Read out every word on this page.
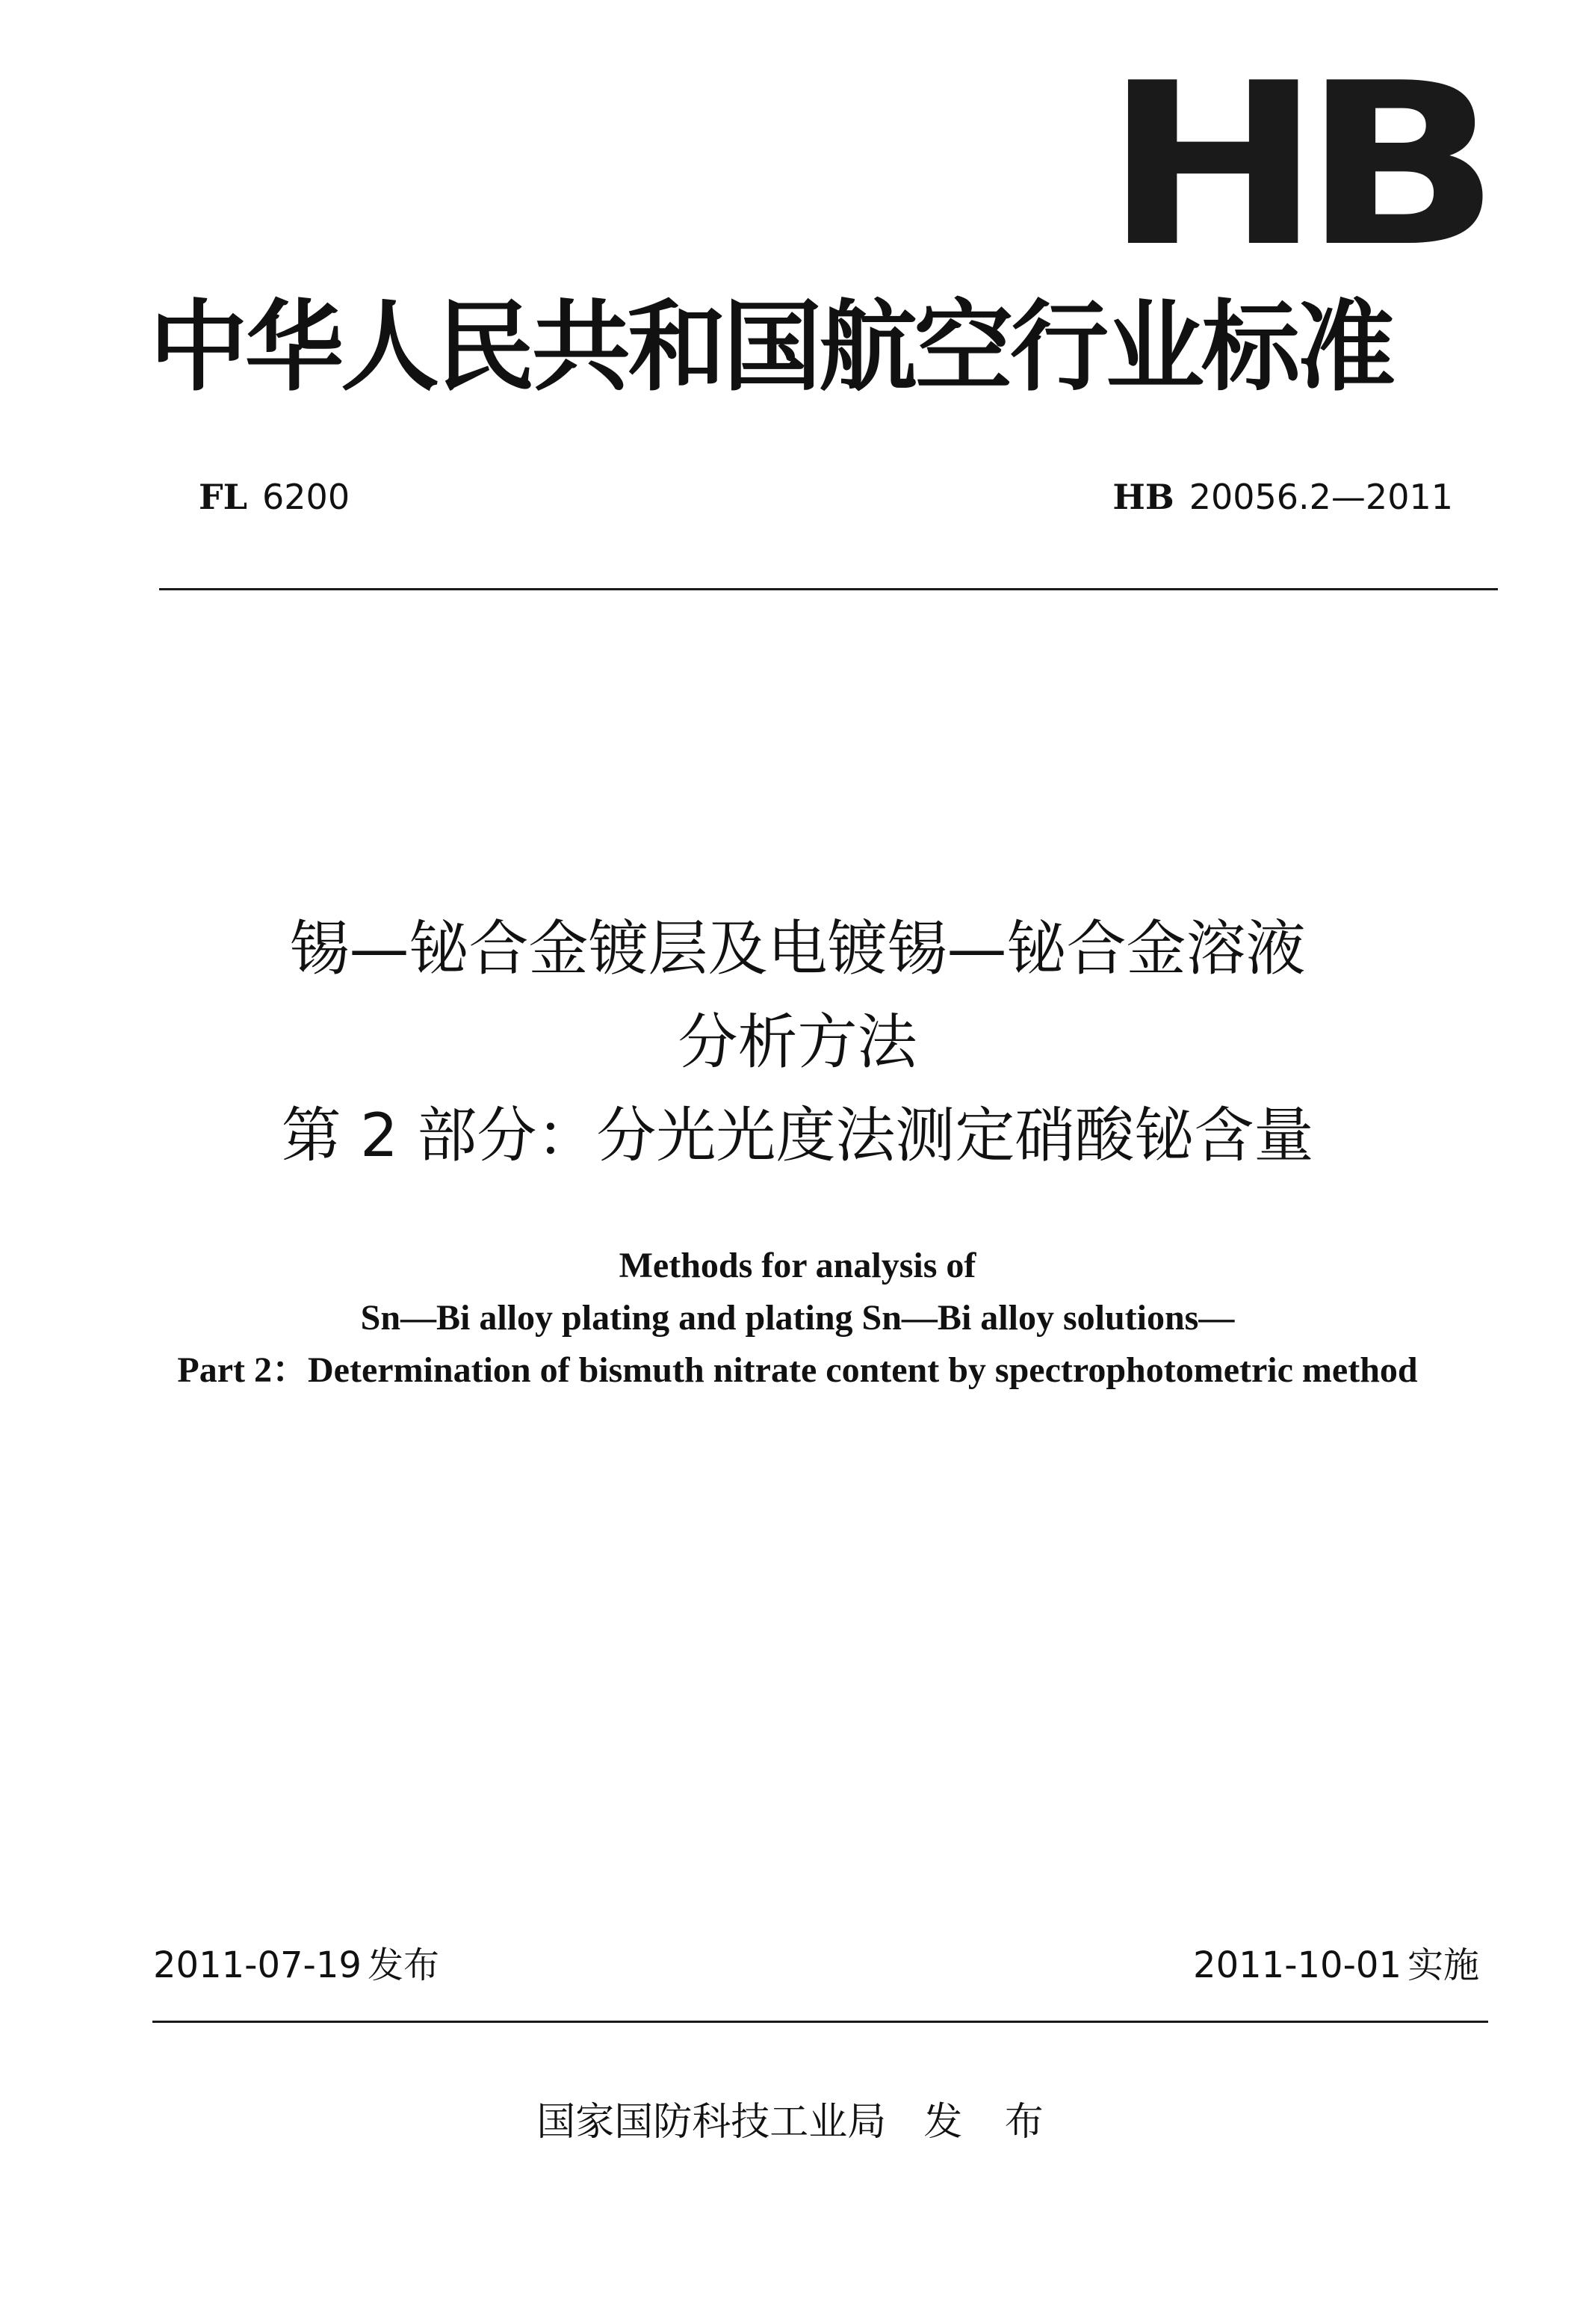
HB
中华人民共和国航空行业标准
FL 6200	HB 20056.2—2011
锡—铋合金镀层及电镀锡—铋合金溶液
分析方法
第 2 部分：分光光度法测定硝酸铋含量
Methods for analysis of
Sn—Bi alloy plating and plating Sn—Bi alloy solutions—
Part 2：Determination of bismuth nitrate content by spectrophotometric method
2011-07-19 发布	2011-10-01 实施
国家国防科技工业局 发 布
